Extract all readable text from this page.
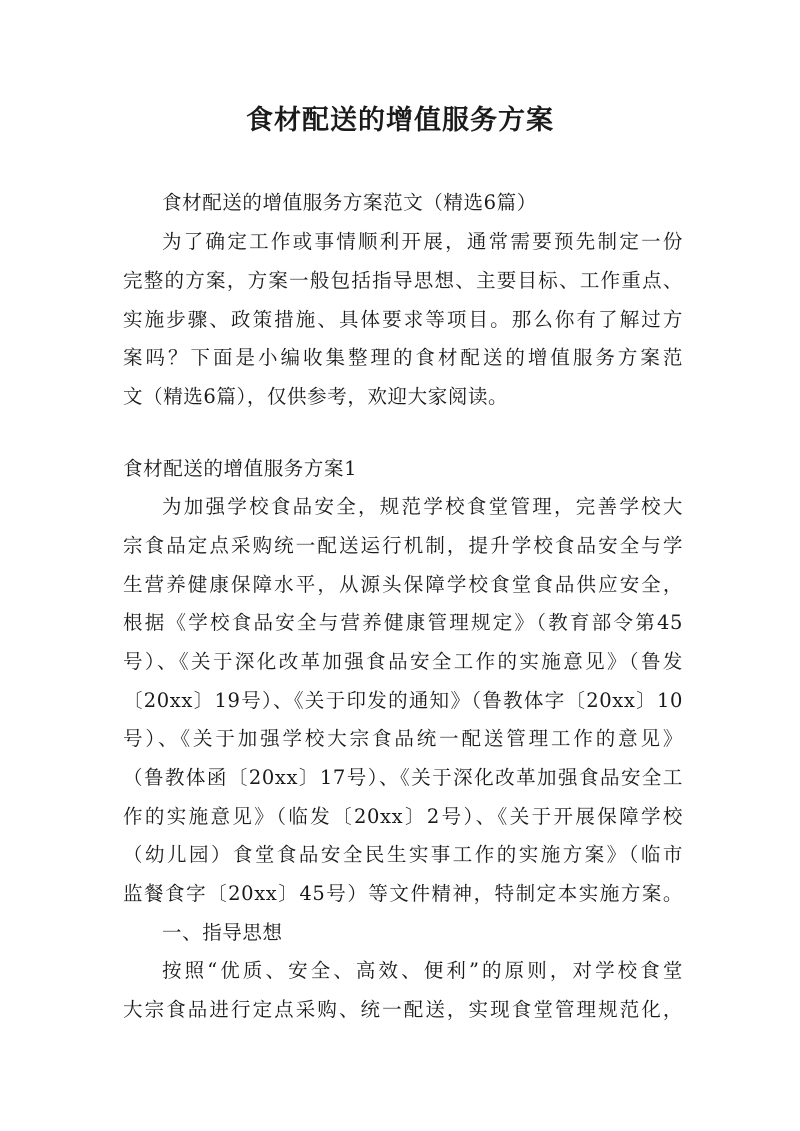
食材配送的增值服务方案
食材配送的增值服务方案范文（精选6篇）
为了确定工作或事情顺利开展，通常需要预先制定一份
完整的方案，方案一般包括指导思想、主要目标、工作重点、
实施步骤、政策措施、具体要求等项目。那么你有了解过方
案吗？下面是小编收集整理的食材配送的增值服务方案范
文（精选6篇），仅供参考，欢迎大家阅读。
食材配送的增值服务方案1
为加强学校食品安全，规范学校食堂管理，完善学校大
宗食品定点采购统一配送运行机制，提升学校食品安全与学
生营养健康保障水平，从源头保障学校食堂食品供应安全，
根据《学校食品安全与营养健康管理规定》（教育部令第45
号）、《关于深化改革加强食品安全工作的实施意见》（鲁发
〔20xx〕19号）、《关于印发的通知》（鲁教体字〔20xx〕10
号）、《关于加强学校大宗食品统一配送管理工作的意见》
（鲁教体函〔20xx〕17号）、《关于深化改革加强食品安全工
作的实施意见》（临发〔20xx〕2号）、《关于开展保障学校
（幼儿园）食堂食品安全民生实事工作的实施方案》（临市
监餐食字〔20xx〕45号）等文件精神，特制定本实施方案。
一、指导思想
按照“优质、安全、高效、便利”的原则，对学校食堂
大宗食品进行定点采购、统一配送，实现食堂管理规范化，
